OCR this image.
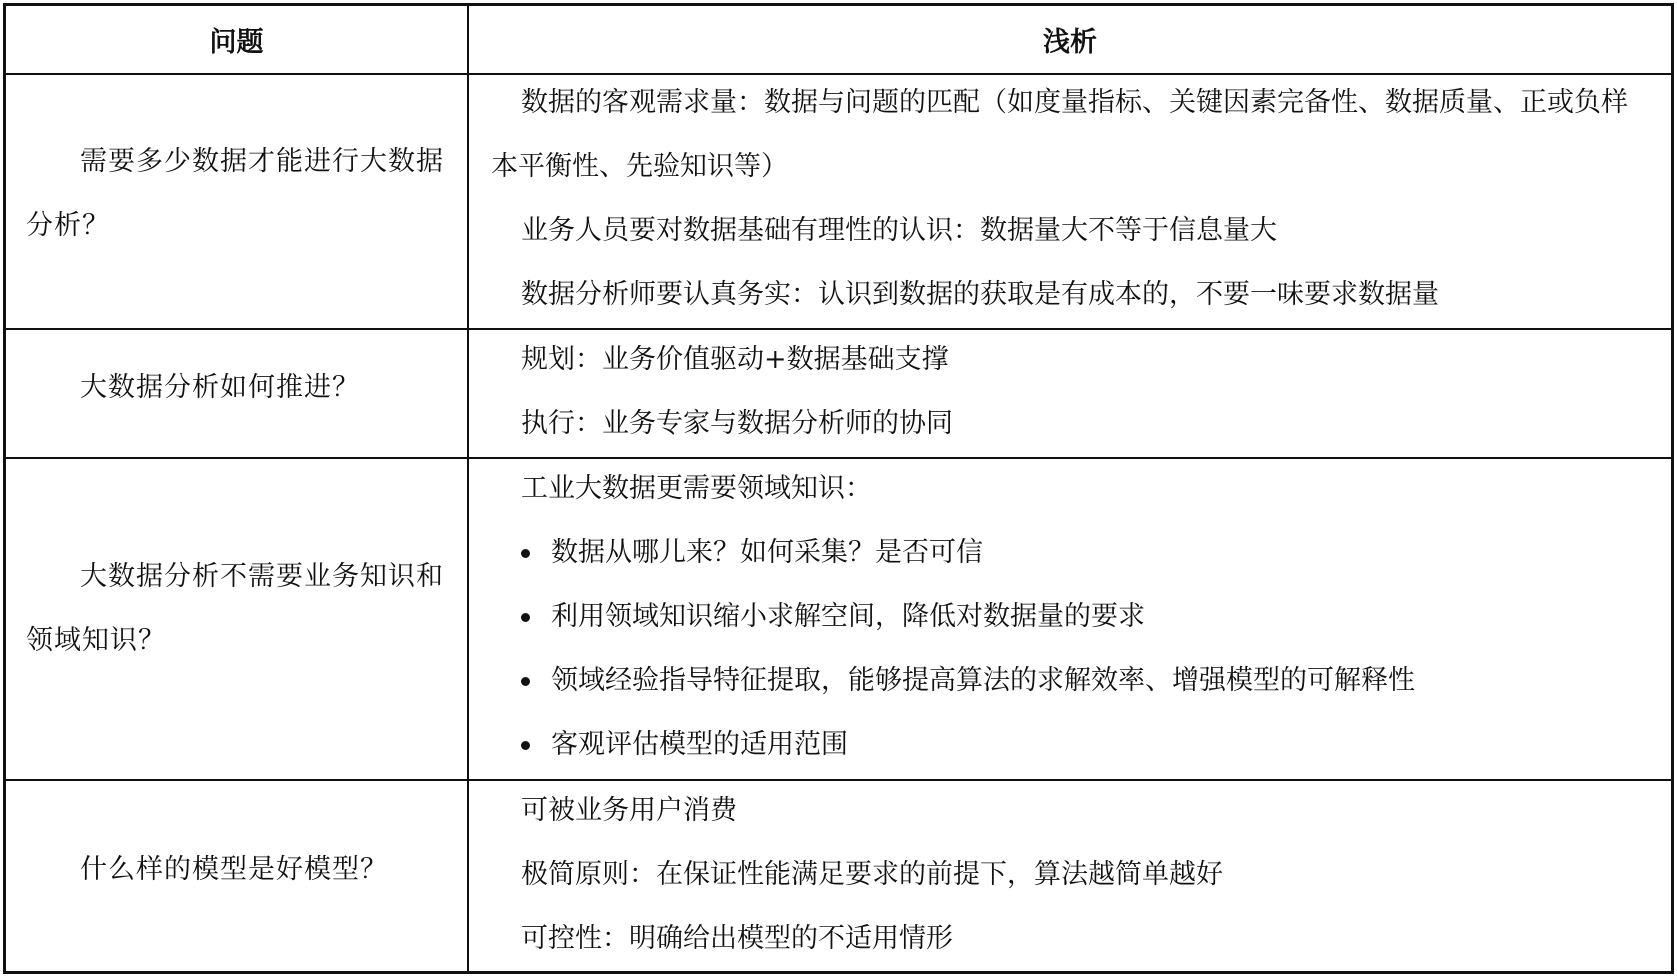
问题	浅析
需要多少数据才能进行大数据分析？
数据的客观需求量：数据与问题的匹配（如度量指标、关键因素完备性、数据质量、正或负样本平衡性、先验知识等）
业务人员要对数据基础有理性的认识：数据量大不等于信息量大
数据分析师要认真务实：认识到数据的获取是有成本的，不要一味要求数据量
大数据分析如何推进？
规划：业务价值驱动+数据基础支撑
执行：业务专家与数据分析师的协同
大数据分析不需要业务知识和领域知识？
工业大数据更需要领域知识：
数据从哪儿来？如何采集？是否可信
利用领域知识缩小求解空间，降低对数据量的要求
领域经验指导特征提取，能够提高算法的求解效率、增强模型的可解释性
客观评估模型的适用范围
什么样的模型是好模型？
可被业务用户消费
极简原则：在保证性能满足要求的前提下，算法越简单越好
可控性：明确给出模型的不适用情形
